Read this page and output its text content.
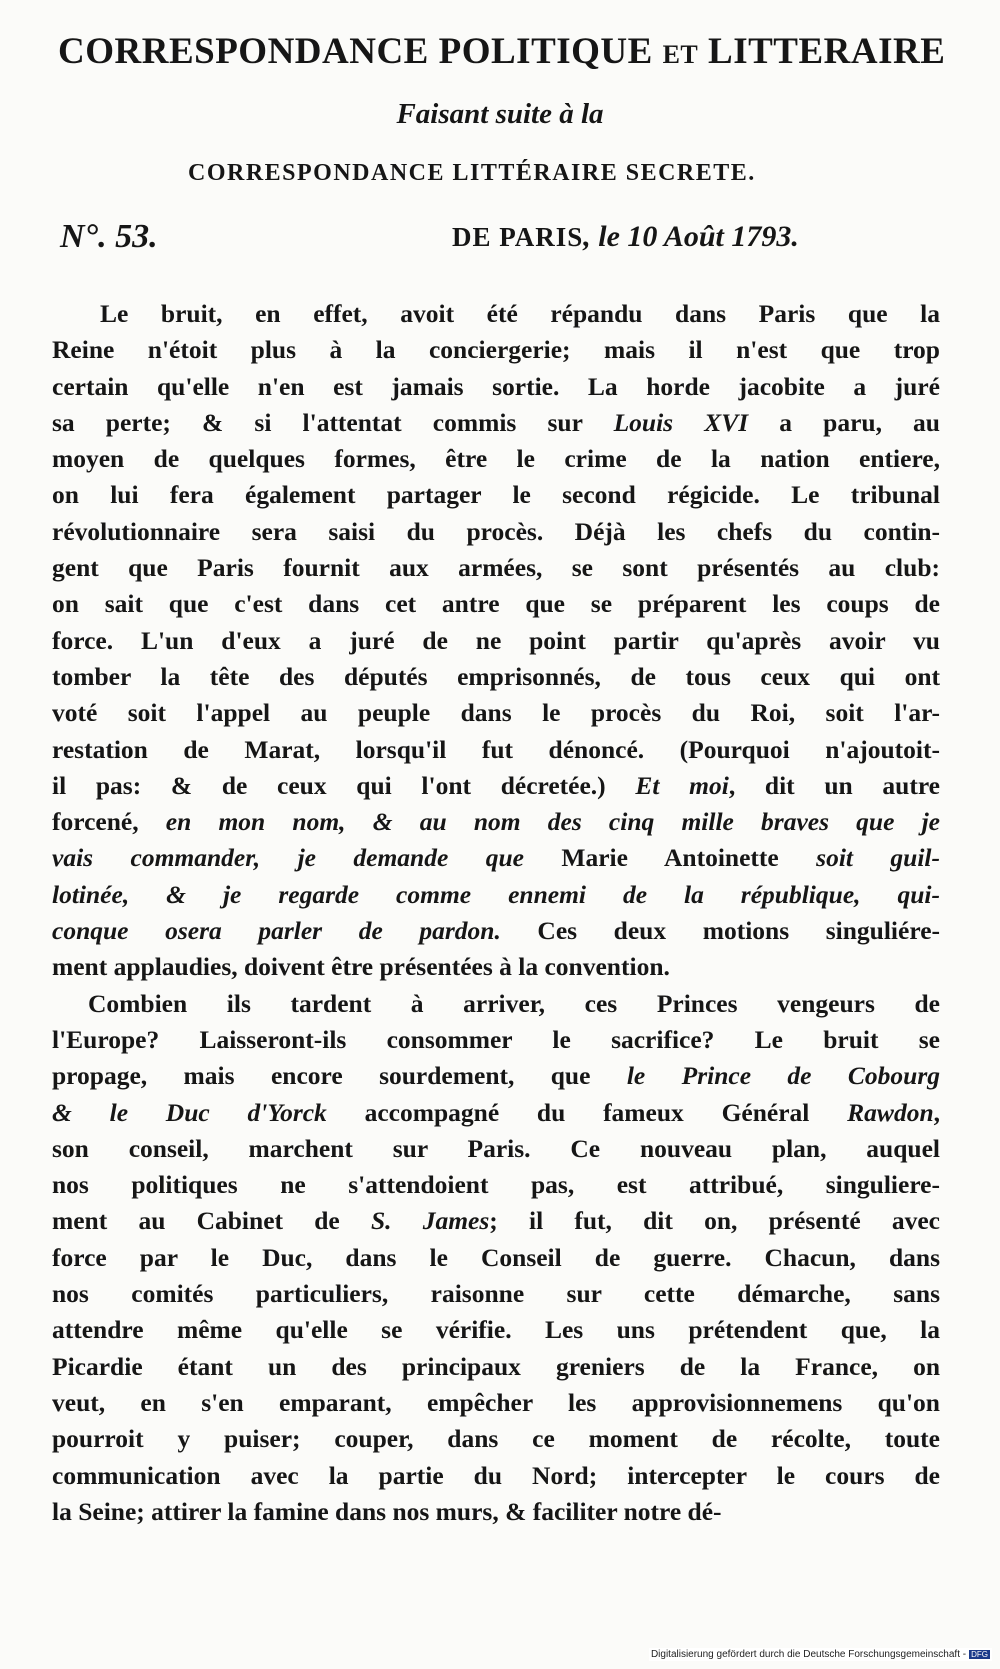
CORRESPONDANCE POLITIQUE ET LITTERAIRE
Faisant suite à la
CORRESPONDANCE LITTÉRAIRE SECRETE.
N°. 53.	DE PARIS, le 10 Août 1793.
Le bruit, en effet, avoit été répandu dans Paris que la
Reine n'étoit plus à la conciergerie; mais il n'est que trop
certain qu'elle n'en est jamais sortie. La horde jacobite a juré
sa perte; & si l'attentat commis sur Louis XVI a paru, au
moyen de quelques formes, être le crime de la nation entiere,
on lui fera également partager le second régicide. Le tribunal
révolutionnaire sera saisi du procès. Déjà les chefs du contin-
gent que Paris fournit aux armées, se sont présentés au club:
on sait que c'est dans cet antre que se préparent les coups de
force. L'un d'eux a juré de ne point partir qu'après avoir vu
tomber la tête des députés emprisonnés, de tous ceux qui ont
voté soit l'appel au peuple dans le procès du Roi, soit l'ar-
restation de Marat, lorsqu'il fut dénoncé. (Pourquoi n'ajoutoit-
il pas: & de ceux qui l'ont décretée.) Et moi, dit un autre
forcené, en mon nom, & au nom des cinq mille braves que je
vais commander, je demande que Marie Antoinette soit guil-
lotinée, & je regarde comme ennemi de la république, qui-
conque osera parler de pardon. Ces deux motions singuliére-
ment applaudies, doivent être présentées à la convention.
Combien ils tardent à arriver, ces Princes vengeurs de
l'Europe? Laisseront-ils consommer le sacrifice? Le bruit se
propage, mais encore sourdement, que le Prince de Cobourg
& le Duc d'Yorck accompagné du fameux Général Rawdon,
son conseil, marchent sur Paris. Ce nouveau plan, auquel
nos politiques ne s'attendoient pas, est attribué, singuliere-
ment au Cabinet de S. James; il fut, dit on, présenté avec
force par le Duc, dans le Conseil de guerre. Chacun, dans
nos comités particuliers, raisonne sur cette démarche, sans
attendre même qu'elle se vérifie. Les uns prétendent que, la
Picardie étant un des principaux greniers de la France, on
veut, en s'en emparant, empêcher les approvisionnemens qu'on
pourroit y puiser; couper, dans ce moment de récolte, toute
communication avec la partie du Nord; intercepter le cours de
la Seine; attirer la famine dans nos murs, & faciliter notre dé-
Digitalisierung gefördert durch die Deutsche Forschungsgemeinschaft - DFG
